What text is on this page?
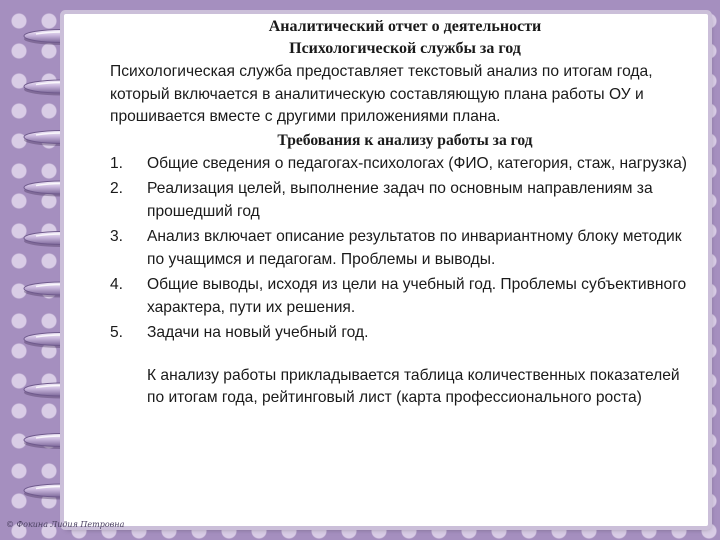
Аналитический отчет о деятельности
Психологической службы за год
Психологическая служба предоставляет текстовый анализ по итогам года, который включается в аналитическую составляющую плана работы ОУ и прошивается вместе с другими приложениями плана.
Требования к анализу работы за год
1. Общие сведения о педагогах-психологах (ФИО, категория, стаж, нагрузка)
2. Реализация целей, выполнение задач по основным направлениям за прошедший год
3. Анализ включает описание результатов по инвариантному блоку методик по учащимся и педагогам. Проблемы и выводы.
4. Общие выводы, исходя из цели на учебный год. Проблемы субъективного характера, пути их решения.
5. Задачи на новый учебный год.
К анализу работы прикладывается таблица количественных показателей по итогам года, рейтинговый лист (карта профессионального роста)
© Фокина Лидия Петровна
